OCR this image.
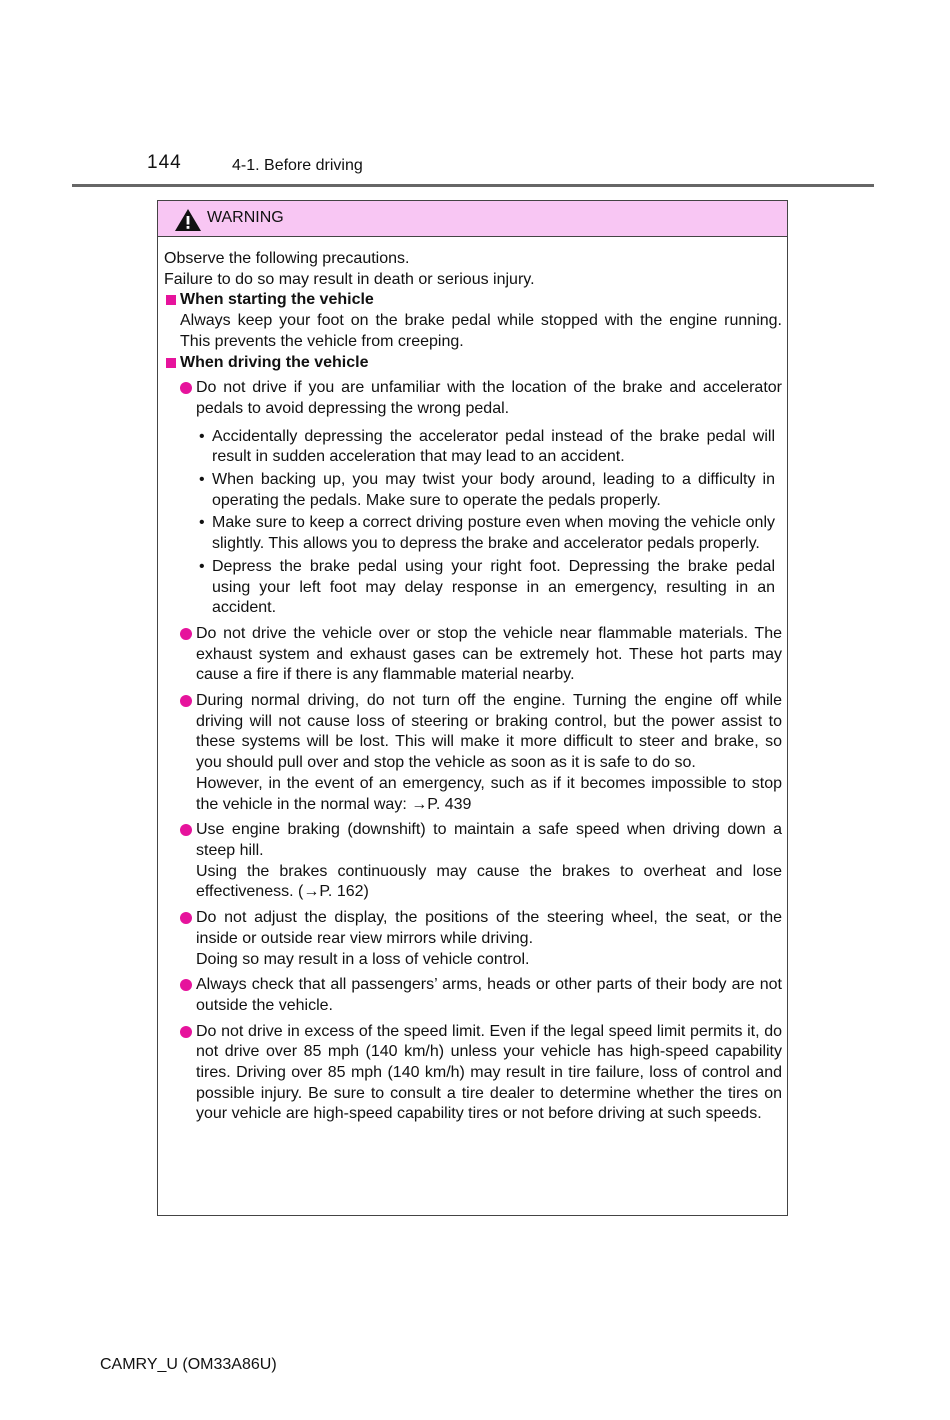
144	4-1. Before driving
WARNING

Observe the following precautions.

Failure to do so may result in death or serious injury.

When starting the vehicle

Always keep your foot on the brake pedal while stopped with the engine running. This prevents the vehicle from creeping.

When driving the vehicle

Do not drive if you are unfamiliar with the location of the brake and accelerator pedals to avoid depressing the wrong pedal.
• Accidentally depressing the accelerator pedal instead of the brake pedal will result in sudden acceleration that may lead to an accident.
• When backing up, you may twist your body around, leading to a difficulty in operating the pedals. Make sure to operate the pedals properly.
• Make sure to keep a correct driving posture even when moving the vehicle only slightly. This allows you to depress the brake and accelerator pedals properly.
• Depress the brake pedal using your right foot. Depressing the brake pedal using your left foot may delay response in an emergency, resulting in an accident.
Do not drive the vehicle over or stop the vehicle near flammable materials. The exhaust system and exhaust gases can be extremely hot. These hot parts may cause a fire if there is any flammable material nearby.
During normal driving, do not turn off the engine. Turning the engine off while driving will not cause loss of steering or braking control, but the power assist to these systems will be lost. This will make it more difficult to steer and brake, so you should pull over and stop the vehicle as soon as it is safe to do so.
However, in the event of an emergency, such as if it becomes impossible to stop the vehicle in the normal way: →P. 439
Use engine braking (downshift) to maintain a safe speed when driving down a steep hill.
Using the brakes continuously may cause the brakes to overheat and lose effectiveness. (→P. 162)
Do not adjust the display, the positions of the steering wheel, the seat, or the inside or outside rear view mirrors while driving.
Doing so may result in a loss of vehicle control.
Always check that all passengers’ arms, heads or other parts of their body are not outside the vehicle.
Do not drive in excess of the speed limit. Even if the legal speed limit permits it, do not drive over 85 mph (140 km/h) unless your vehicle has high-speed capability tires. Driving over 85 mph (140 km/h) may result in tire failure, loss of control and possible injury. Be sure to consult a tire dealer to determine whether the tires on your vehicle are high-speed capability tires or not before driving at such speeds.
CAMRY_U (OM33A86U)
